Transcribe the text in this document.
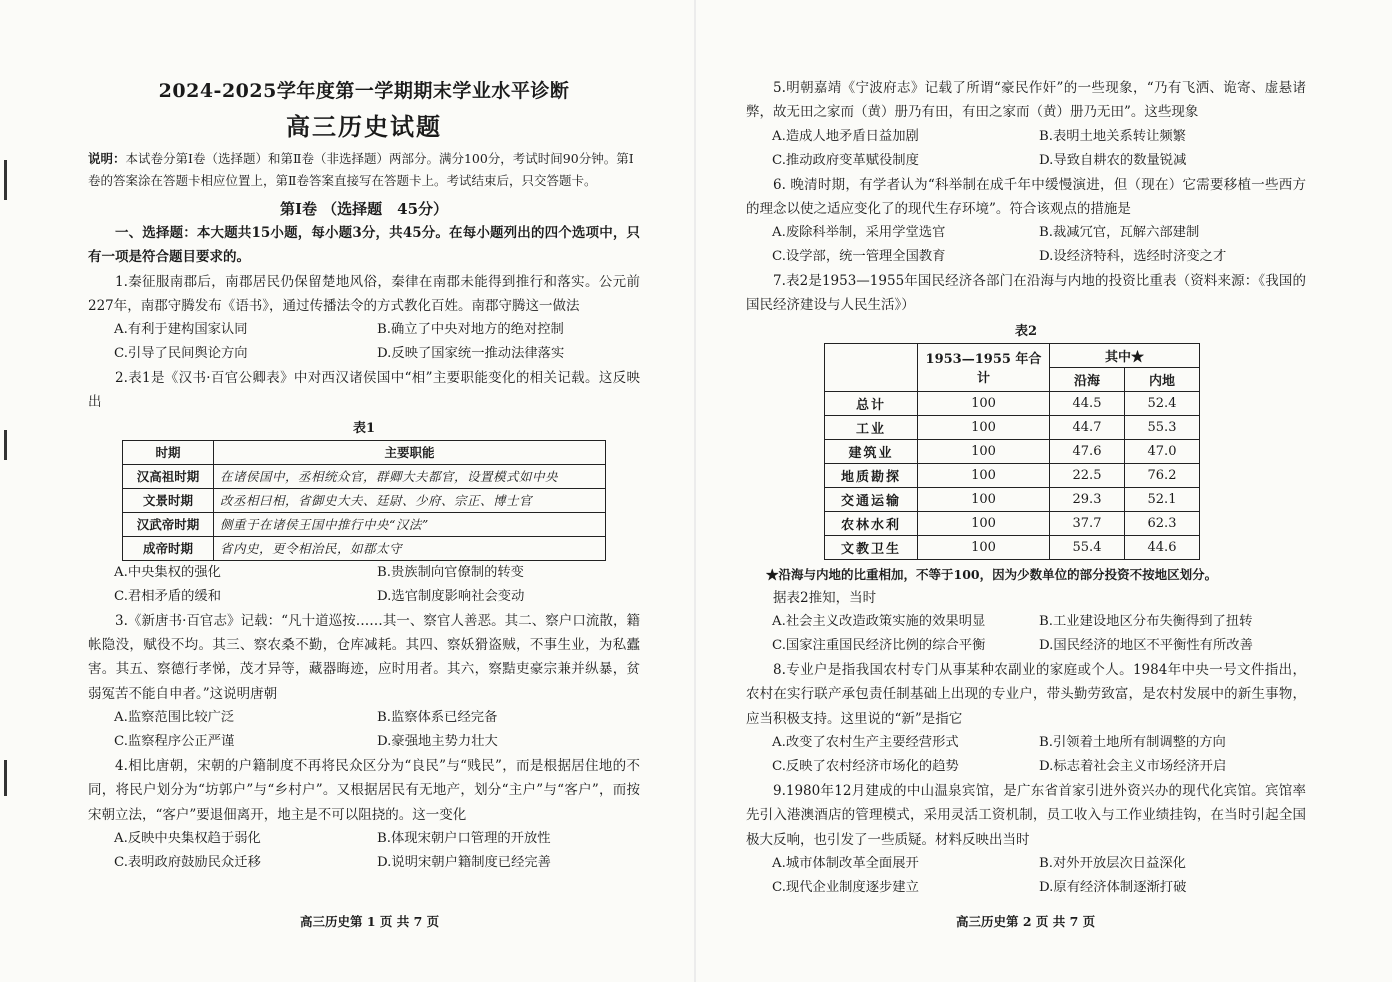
2024-2025学年度第一学期期末学业水平诊断
高三历史试题

说明：本试卷分第Ⅰ卷（选择题）和第Ⅱ卷（非选择题）两部分。满分100分，考试时间90分钟。第Ⅰ卷的答案涂在答题卡相应位置上，第Ⅱ卷答案直接写在答题卡上。考试结束后，只交答题卡。

第Ⅰ卷 （选择题　45分）

一、选择题：本大题共15小题，每小题3分，共45分。在每小题列出的四个选项中，只有一项是符合题目要求的。

1.秦征服南郡后，南郡居民仍保留楚地风俗，秦律在南郡未能得到推行和落实。公元前227年，南郡守腾发布《语书》，通过传播法令的方式教化百姓。南郡守腾这一做法

A.有利于建构国家认同	B.确立了中央对地方的绝对控制
C.引导了民间舆论方向	D.反映了国家统一推动法律落实

2.表1是《汉书·百官公卿表》中对西汉诸侯国中“相”主要职能变化的相关记载。这反映出

表1
时期	主要职能
汉高祖时期	在诸侯国中，丞相统众官，群卿大夫都官，设置模式如中央
文景时期	改丞相曰相，省御史大夫、廷尉、少府、宗正、博士官
汉武帝时期	侧重于在诸侯王国中推行中央“汉法”
成帝时期	省内史，更令相治民，如郡太守
A.中央集权的强化	B.贵族制向官僚制的转变
C.君相矛盾的缓和	D.选官制度影响社会变动

3.《新唐书·百官志》记载：“凡十道巡按……其一、察官人善恶。其二、察户口流散，籍帐隐没，赋役不均。其三、察农桑不勤，仓库减耗。其四、察妖猾盗贼，不事生业，为私蠹害。其五、察德行孝悌，茂才异等，藏器晦迹，应时用者。其六，察黠吏豪宗兼并纵暴，贫弱冤苦不能自申者。”这说明唐朝

A.监察范围比较广泛	B.监察体系已经完备
C.监察程序公正严谨	D.豪强地主势力壮大

4.相比唐朝，宋朝的户籍制度不再将民众区分为“良民”与“贱民”，而是根据居住地的不同，将民户划分为“坊郭户”与“乡村户”。又根据居民有无地产，划分“主户”与“客户”，而按宋朝立法，“客户”要退佃离开，地主是不可以阻挠的。这一变化

A.反映中央集权趋于弱化	B.体现宋朝户口管理的开放性
C.表明政府鼓励民众迁移	D.说明宋朝户籍制度已经完善
高三历史第 1 页 共 7 页

5.明朝嘉靖《宁波府志》记载了所谓“豪民作奸”的一些现象，“乃有飞洒、诡寄、虚悬诸弊，故无田之家而（黄）册乃有田，有田之家而（黄）册乃无田”。这些现象

A.造成人地矛盾日益加剧	B.表明土地关系转让频繁
C.推动政府变革赋役制度	D.导致自耕农的数量锐减

6. 晚清时期，有学者认为“科举制在成千年中缓慢演进，但（现在）它需要移植一些西方的理念以使之适应变化了的现代生存环境”。符合该观点的措施是

A.废除科举制，采用学堂选官	B.裁减冗官，瓦解六部建制
C.设学部，统一管理全国教育	D.设经济特科，选经时济变之才

7.表2是1953—1955年国民经济各部门在沿海与内地的投资比重表（资料来源：《我国的国民经济建设与人民生活》）

表2
	1953—1955 年合计	其中★	
		沿海	内地
总计	100	44.5	52.4
工业	100	44.7	55.3
建筑业	100	47.6	47.0
地质勘探	100	22.5	76.2
交通运输	100	29.3	52.1
农林水利	100	37.7	62.3
文教卫生	100	55.4	44.6
★沿海与内地的比重相加，不等于100，因为少数单位的部分投资不按地区划分。

据表2推知，当时

A.社会主义改造政策实施的效果明显	B.工业建设地区分布失衡得到了扭转
C.国家注重国民经济比例的综合平衡	D.国民经济的地区不平衡性有所改善

8.专业户是指我国农村专门从事某种农副业的家庭或个人。1984年中央一号文件指出，农村在实行联产承包责任制基础上出现的专业户，带头勤劳致富，是农村发展中的新生事物，应当积极支持。这里说的“新”是指它

A.改变了农村生产主要经营形式	B.引领着土地所有制调整的方向
C.反映了农村经济市场化的趋势	D.标志着社会主义市场经济开启

9.1980年12月建成的中山温泉宾馆，是广东省首家引进外资兴办的现代化宾馆。宾馆率先引入港澳酒店的管理模式，采用灵活工资机制，员工收入与工作业绩挂钩，在当时引起全国极大反响，也引发了一些质疑。材料反映出当时

A.城市体制改革全面展开	B.对外开放层次日益深化
C.现代企业制度逐步建立	D.原有经济体制逐渐打破
高三历史第 2 页 共 7 页
